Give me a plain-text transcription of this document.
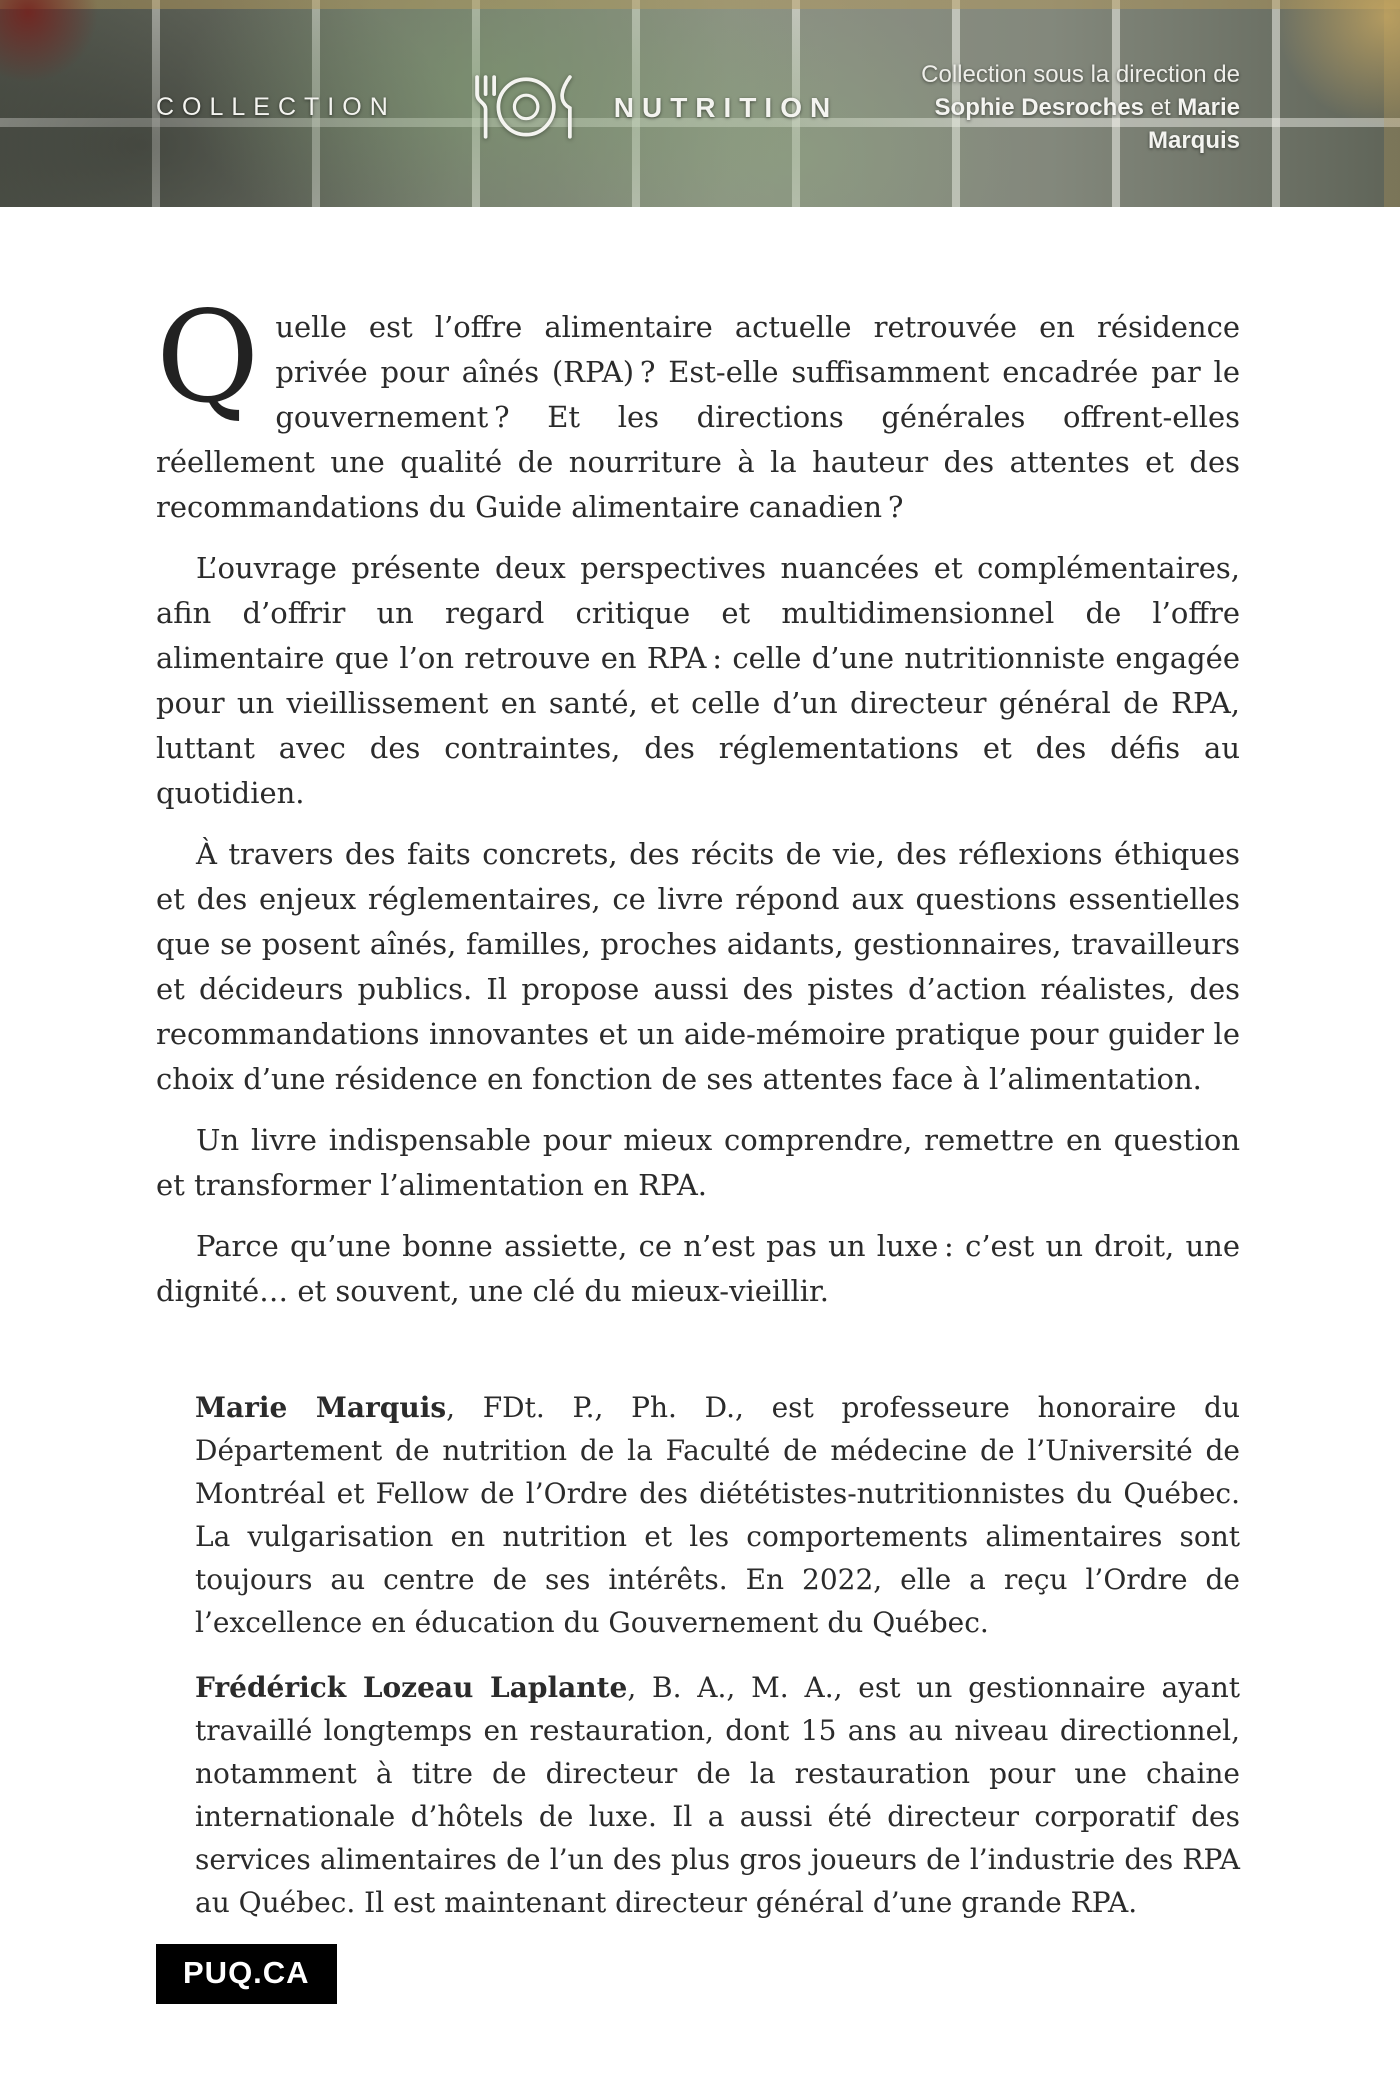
COLLECTION	NUTRITION
Collection sous la direction de
Sophie Desroches et Marie Marquis

Quelle est l’offre alimentaire actuelle retrouvée en résidence privée pour aînés (RPA) ? Est-elle suffisamment encadrée par le gouvernement ? Et les directions générales offrent-elles réellement une qualité de nourriture à la hauteur des attentes et des recommandations du Guide alimentaire canadien ?

L’ouvrage présente deux perspectives nuancées et complémentaires, afin d’offrir un regard critique et multidimensionnel de l’offre alimentaire que l’on retrouve en RPA : celle d’une nutritionniste engagée pour un vieillissement en santé, et celle d’un directeur général de RPA, luttant avec des contraintes, des réglementations et des défis au quotidien.

À travers des faits concrets, des récits de vie, des réflexions éthiques et des enjeux réglementaires, ce livre répond aux questions essentielles que se posent aînés, familles, proches aidants, gestionnaires, travailleurs et décideurs publics. Il propose aussi des pistes d’action réalistes, des recommandations innovantes et un aide-mémoire pratique pour guider le choix d’une résidence en fonction de ses attentes face à l’alimentation.

Un livre indispensable pour mieux comprendre, remettre en question et transformer l’alimentation en RPA.

Parce qu’une bonne assiette, ce n’est pas un luxe : c’est un droit, une dignité… et souvent, une clé du mieux-vieillir.

Marie Marquis, FDt. P., Ph. D., est professeure honoraire du Département de nutrition de la Faculté de médecine de l’Université de Montréal et Fellow de l’Ordre des diététistes-nutritionnistes du Québec. La vulgarisation en nutrition et les comportements alimentaires sont toujours au centre de ses intérêts. En 2022, elle a reçu l’Ordre de l’excellence en éducation du Gouvernement du Québec.

Frédérick Lozeau Laplante, B. A., M. A., est un gestionnaire ayant travaillé longtemps en restauration, dont 15 ans au niveau directionnel, notamment à titre de directeur de la restauration pour une chaine internationale d’hôtels de luxe. Il a aussi été directeur corporatif des services alimentaires de l’un des plus gros joueurs de l’industrie des RPA au Québec. Il est maintenant directeur général d’une grande RPA.

PUQ.CA
